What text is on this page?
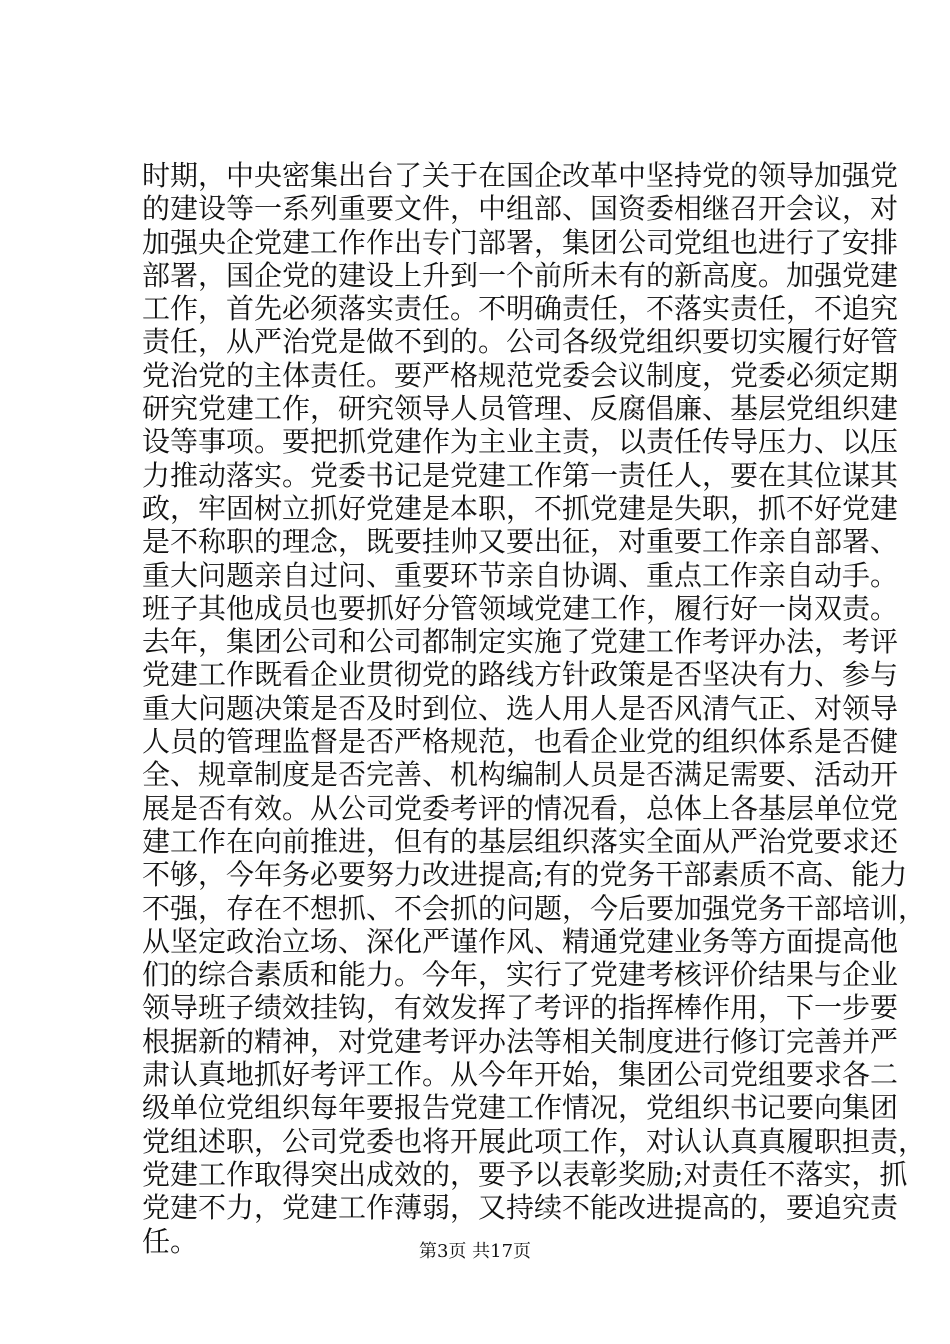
时期，中央密集出台了关于在国企改革中坚持党的领导加强党
的建设等一系列重要文件，中组部、国资委相继召开会议，对
加强央企党建工作作出专门部署，集团公司党组也进行了安排
部署，国企党的建设上升到一个前所未有的新高度。加强党建
工作，首先必须落实责任。不明确责任，不落实责任，不追究
责任，从严治党是做不到的。公司各级党组织要切实履行好管
党治党的主体责任。要严格规范党委会议制度，党委必须定期
研究党建工作，研究领导人员管理、反腐倡廉、基层党组织建
设等事项。要把抓党建作为主业主责，以责任传导压力、以压
力推动落实。党委书记是党建工作第一责任人，要在其位谋其
政，牢固树立抓好党建是本职，不抓党建是失职，抓不好党建
是不称职的理念，既要挂帅又要出征，对重要工作亲自部署、
重大问题亲自过问、重要环节亲自协调、重点工作亲自动手。
班子其他成员也要抓好分管领域党建工作，履行好一岗双责。
去年，集团公司和公司都制定实施了党建工作考评办法，考评
党建工作既看企业贯彻党的路线方针政策是否坚决有力、参与
重大问题决策是否及时到位、选人用人是否风清气正、对领导
人员的管理监督是否严格规范，也看企业党的组织体系是否健
全、规章制度是否完善、机构编制人员是否满足需要、活动开
展是否有效。从公司党委考评的情况看，总体上各基层单位党
建工作在向前推进，但有的基层组织落实全面从严治党要求还
不够，今年务必要努力改进提高;有的党务干部素质不高、能力
不强，存在不想抓、不会抓的问题，今后要加强党务干部培训，
从坚定政治立场、深化严谨作风、精通党建业务等方面提高他
们的综合素质和能力。今年，实行了党建考核评价结果与企业
领导班子绩效挂钩，有效发挥了考评的指挥棒作用，下一步要
根据新的精神，对党建考评办法等相关制度进行修订完善并严
肃认真地抓好考评工作。从今年开始，集团公司党组要求各二
级单位党组织每年要报告党建工作情况，党组织书记要向集团
党组述职，公司党委也将开展此项工作，对认认真真履职担责，
党建工作取得突出成效的，要予以表彰奖励;对责任不落实，抓
党建不力，党建工作薄弱，又持续不能改进提高的，要追究责
任。	第3页 共17页
